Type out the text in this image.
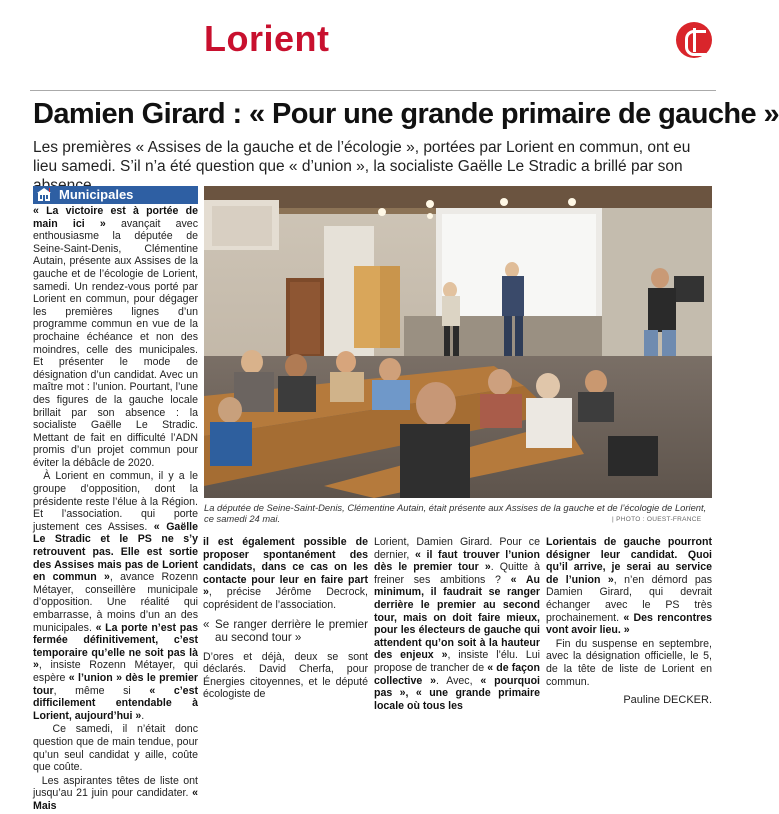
Lorient
Damien Girard : « Pour une grande primaire de gauche »

Les premières « Assises de la gauche et de l’écologie », portées par Lorient en commun, ont eu lieu samedi. S’il n’a été question que « d’union », la socialiste Gaëlle Le Stradic a brillé par son

Municipales

« La victoire est à portée de main ici » avançait avec enthousiasme la députée de Seine-Saint-Denis, Clémentine Autain, présente aux Assises de la gauche et de l’écologie de Lorient, samedi. Un rendez-vous porté par Lorient en commun, pour dégager les premières lignes d’un programme commun en vue de la prochaine échéance et non des moindres, celle des municipales. Et présenter le mode de désignation d’un candidat. Avec un maître mot : l’union. Pourtant, l’une des figures de la gauche locale brillait par son absence : la socialiste Gaëlle Le Stradic. Mettant de fait en difficulté l’ADN promis d’un projet commun pour éviter la débâcle de 2020.

À Lorient en commun, il y a le groupe d’opposition, dont la présidente reste l’élue à la Région. Et l’association. qui porte justement ces Assises. « Gaëlle Le Stradic et le PS ne s’y retrouvent pas. Elle est sortie des Assises mais pas de Lorient en commun », avance Rozenn Métayer, conseillère municipale d’opposition. Une réalité qui embarrasse, à moins d’un an des municipales. « La porte n’est pas fermée définitivement, c’est temporaire qu’elle ne soit pas là », insiste Rozenn Métayer, qui espère « l’union » dès le premier tour, même si « c’est difficilement entendable à Lorient, aujourd’hui ».

Ce samedi, il n’était donc question que de main tendue, pour qu’un seul candidat y aille, coûte que coûte.

Les aspirantes têtes de liste ont jusqu’au 21 juin pour candidater. « Mais

La députée de Seine-Saint-Denis, Clémentine Autain, était présente aux Assises de la gauche et de l’écologie de Lorient, ce samedi 24 mai.	| PHOTO : OUEST-FRANCE

il est également possible de proposer spontanément des candidats, dans ce cas on les contacte pour leur en faire part », précise Jérôme Decrock, coprésident de l’association.

« Se ranger derrière le premier au second tour »

D’ores et déjà, deux se sont déclarés. David Cherfa, pour Énergies citoyennes, et le député écologiste de

Lorient, Damien Girard. Pour ce dernier, « il faut trouver l’union dès le premier tour ». Quitte à freiner ses ambitions ? « Au minimum, il faudrait se ranger derrière le premier au second tour, mais on doit faire mieux, pour les électeurs de gauche qui attendent qu’on soit à la hauteur des enjeux », insiste l’élu. Lui propose de trancher de « de façon collective ». Avec, « pourquoi pas », « une grande primaire locale où tous les

Lorientais de gauche pourront désigner leur candidat. Quoi qu’il arrive, je serai au service de l’union », n’en démord pas Damien Girard, qui devrait échanger avec le PS très prochainement. « Des rencontres vont avoir lieu. »

Fin du suspense en septembre, avec la désignation officielle, le 5, de la tête de liste de Lorient en commun.

Pauline DECKER.
